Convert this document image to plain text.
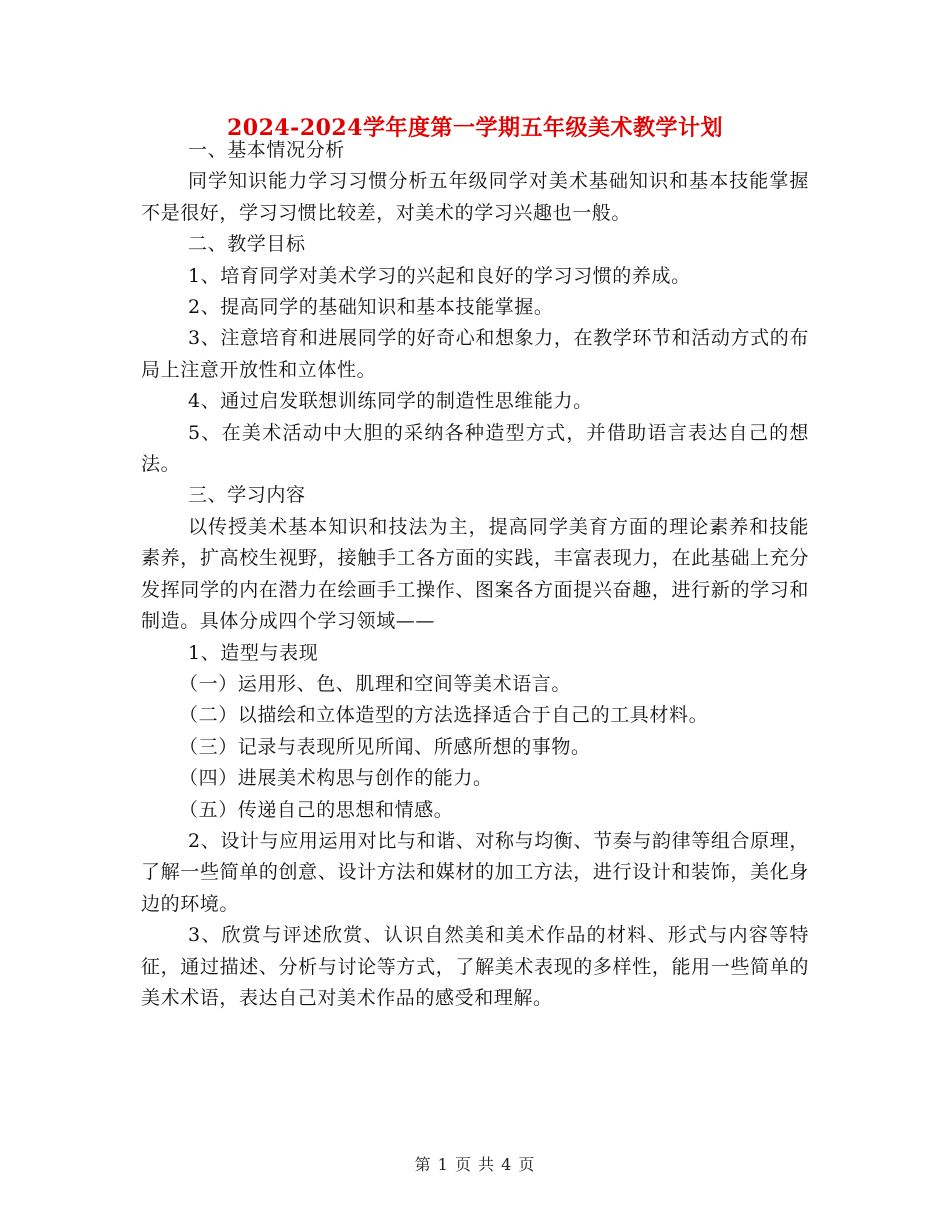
2024-2024学年度第一学期五年级美术教学计划

一、基本情况分析

同学知识能力学习习惯分析五年级同学对美术基础知识和基本技能掌握不是很好，学习习惯比较差，对美术的学习兴趣也一般。

二、教学目标

1、培育同学对美术学习的兴起和良好的学习习惯的养成。

2、提高同学的基础知识和基本技能掌握。

3、注意培育和进展同学的好奇心和想象力，在教学环节和活动方式的布局上注意开放性和立体性。

4、通过启发联想训练同学的制造性思维能力。

5、在美术活动中大胆的采纳各种造型方式，并借助语言表达自己的想法。

三、学习内容

以传授美术基本知识和技法为主，提高同学美育方面的理论素养和技能素养，扩高校生视野，接触手工各方面的实践，丰富表现力，在此基础上充分发挥同学的内在潜力在绘画手工操作、图案各方面提兴奋趣，进行新的学习和制造。具体分成四个学习领域——

1、造型与表现

（一）运用形、色、肌理和空间等美术语言。

（二）以描绘和立体造型的方法选择适合于自己的工具材料。

（三）记录与表现所见所闻、所感所想的事物。

（四）进展美术构思与创作的能力。

（五）传递自己的思想和情感。

2、设计与应用运用对比与和谐、对称与均衡、节奏与韵律等组合原理，了解一些简单的创意、设计方法和媒材的加工方法，进行设计和装饰，美化身边的环境。

3、欣赏与评述欣赏、认识自然美和美术作品的材料、形式与内容等特征，通过描述、分析与讨论等方式，了解美术表现的多样性，能用一些简单的美术术语，表达自己对美术作品的感受和理解。

第 1 页 共 4 页
